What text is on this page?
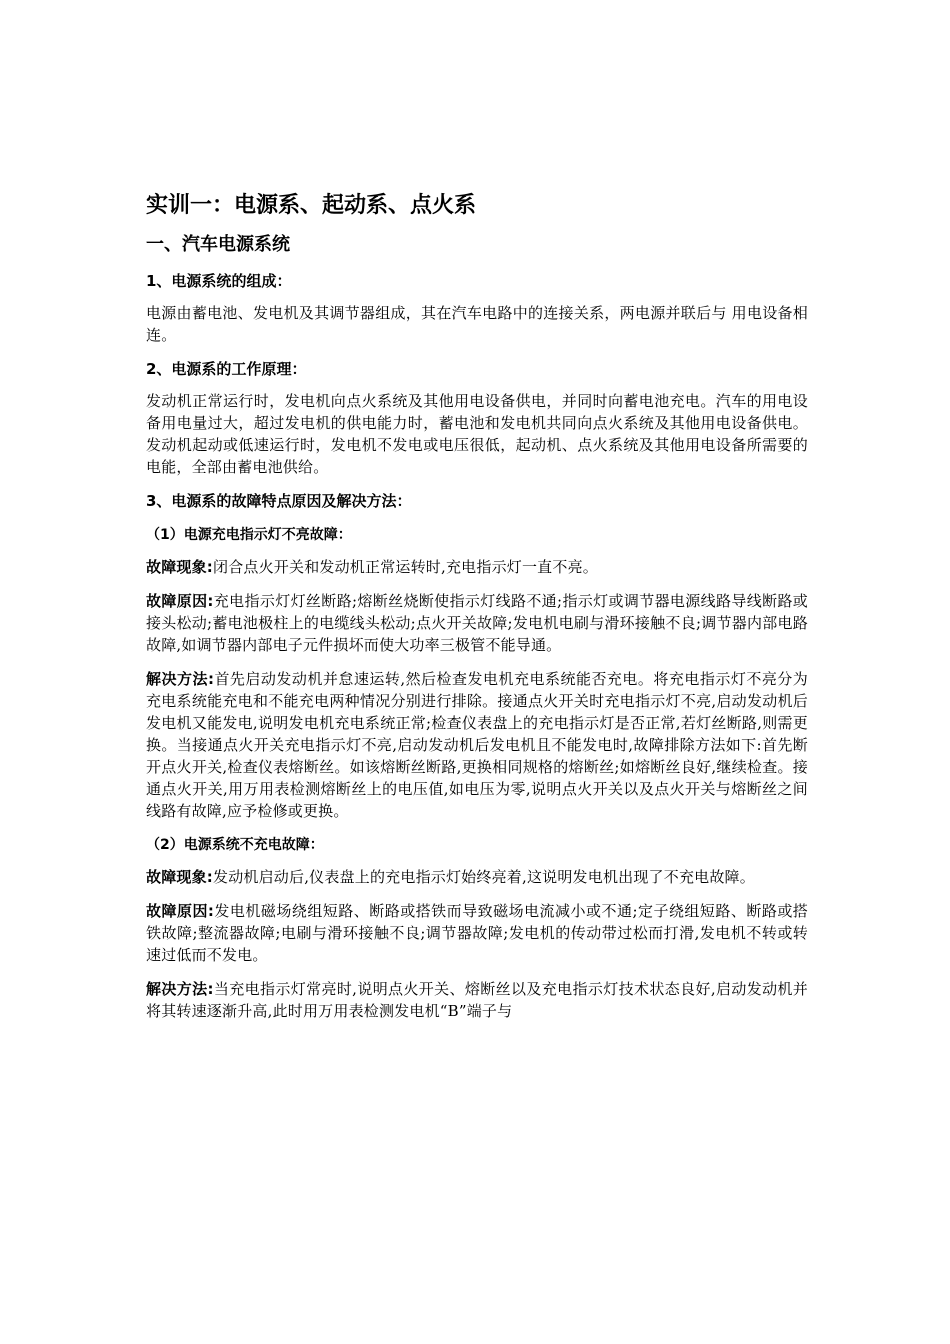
实训一：电源系、起动系、点火系
一、汽车电源系统
1、电源系统的组成：

电源由蓄电池、发电机及其调节器组成，其在汽车电路中的连接关系，两电源并联后与 用电设备相连。

2、电源系的工作原理：

发动机正常运行时，发电机向点火系统及其他用电设备供电，并同时向蓄电池充电。汽车的用电设备用电量过大，超过发电机的供电能力时，蓄电池和发电机共同向点火系统及其他用电设备供电。发动机起动或低速运行时，发电机不发电或电压很低，起动机、点火系统及其他用电设备所需要的电能，全部由蓄电池供给。

3、电源系的故障特点原因及解决方法：
（1）电源充电指示灯不亮故障：

故障现象:闭合点火开关和发动机正常运转时,充电指示灯一直不亮。

故障原因:充电指示灯灯丝断路;熔断丝烧断使指示灯线路不通;指示灯或调节器电源线路导线断路或接头松动;蓄电池极柱上的电缆线头松动;点火开关故障;发电机电刷与滑环接触不良;调节器内部电路故障,如调节器内部电子元件损坏而使大功率三极管不能导通。

解决方法:首先启动发动机并怠速运转,然后检查发电机充电系统能否充电。将充电指示灯不亮分为充电系统能充电和不能充电两种情况分别进行排除。接通点火开关时充电指示灯不亮,启动发动机后发电机又能发电,说明发电机充电系统正常;检查仪表盘上的充电指示灯是否正常,若灯丝断路,则需更换。当接通点火开关充电指示灯不亮,启动发动机后发电机且不能发电时,故障排除方法如下:首先断开点火开关,检查仪表熔断丝。如该熔断丝断路,更换相同规格的熔断丝;如熔断丝良好,继续检查。接通点火开关,用万用表检测熔断丝上的电压值,如电压为零,说明点火开关以及点火开关与熔断丝之间线路有故障,应予检修或更换。

（2）电源系统不充电故障：

故障现象:发动机启动后,仪表盘上的充电指示灯始终亮着,这说明发电机出现了不充电故障。

故障原因:发电机磁场绕组短路、断路或搭铁而导致磁场电流减小或不通;定子绕组短路、断路或搭铁故障;整流器故障;电刷与滑环接触不良;调节器故障;发电机的传动带过松而打滑,发电机不转或转速过低而不发电。

解决方法:当充电指示灯常亮时,说明点火开关、熔断丝以及充电指示灯技术状态良好,启动发动机并将其转速逐渐升高,此时用万用表检测发电机“B”端子与
